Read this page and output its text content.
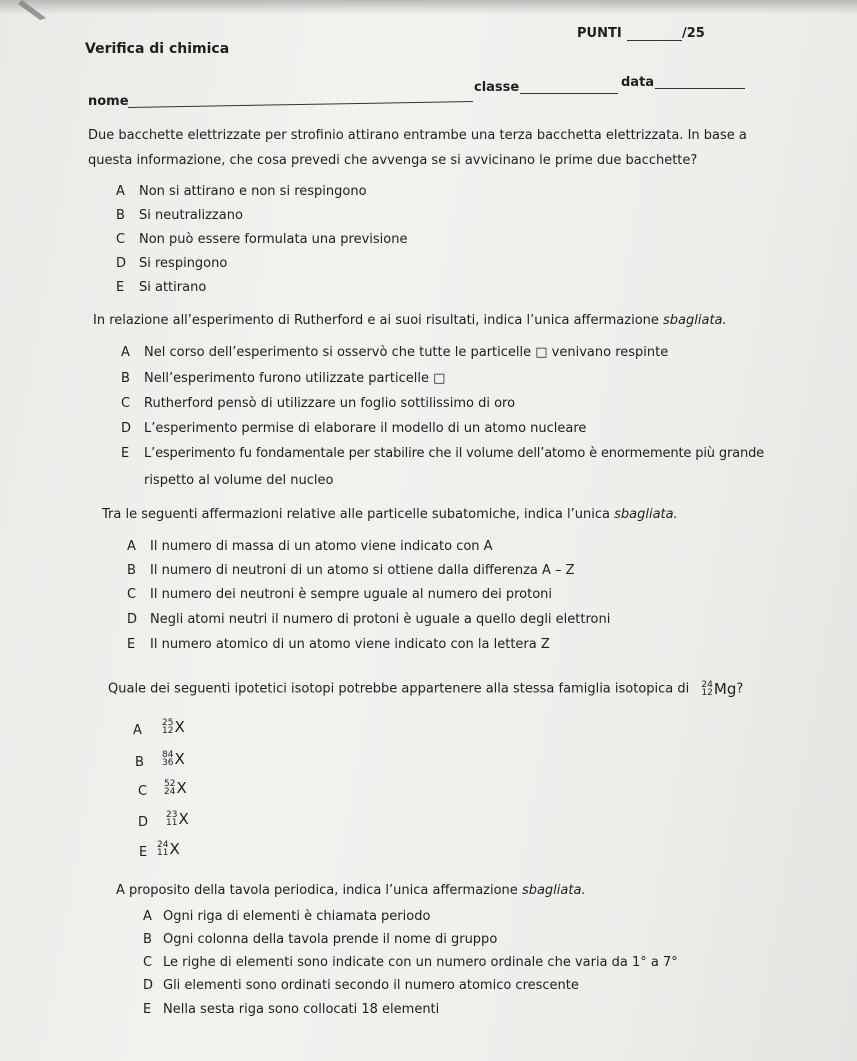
Verifica di chimica
PUNTI	/25
nome
classe	data
Due bacchette elettrizzate per strofinio attirano entrambe una terza bacchetta elettrizzata. In base a
questa informazione, che cosa prevedi che avvenga se si avvicinano le prime due bacchette?
A Non si attirano e non si respingono
B Si neutralizzano
C Non può essere formulata una previsione
D Si respingono
E Si attirano
In relazione all’esperimento di Rutherford e ai suoi risultati, indica l’unica affermazione sbagliata.
A Nel corso dell’esperimento si osservò che tutte le particelle □ venivano respinte
B Nell’esperimento furono utilizzate particelle □
C Rutherford pensò di utilizzare un foglio sottilissimo di oro
D L’esperimento permise di elaborare il modello di un atomo nucleare
E L’esperimento fu fondamentale per stabilire che il volume dell’atomo è enormemente più grande
rispetto al volume del nucleo
Tra le seguenti affermazioni relative alle particelle subatomiche, indica l’unica sbagliata.
A Il numero di massa di un atomo viene indicato con A
B Il numero di neutroni di un atomo si ottiene dalla differenza A – Z
C Il numero dei neutroni è sempre uguale al numero dei protoni
D Negli atomi neutri il numero di protoni è uguale a quello degli elettroni
E Il numero atomico di un atomo viene indicato con la lettera Z
Quale dei seguenti ipotetici isotopi potrebbe appartenere alla stessa famiglia isotopica di 24
12 Mg ?
A 25
12 X
B 84
36 X
C 52
24 X
D 23
11 X
E 24
11 X
A proposito della tavola periodica, indica l’unica affermazione sbagliata.
A Ogni riga di elementi è chiamata periodo
B Ogni colonna della tavola prende il nome di gruppo
C Le righe di elementi sono indicate con un numero ordinale che varia da 1° a 7°
D Gli elementi sono ordinati secondo il numero atomico crescente
E Nella sesta riga sono collocati 18 elementi
